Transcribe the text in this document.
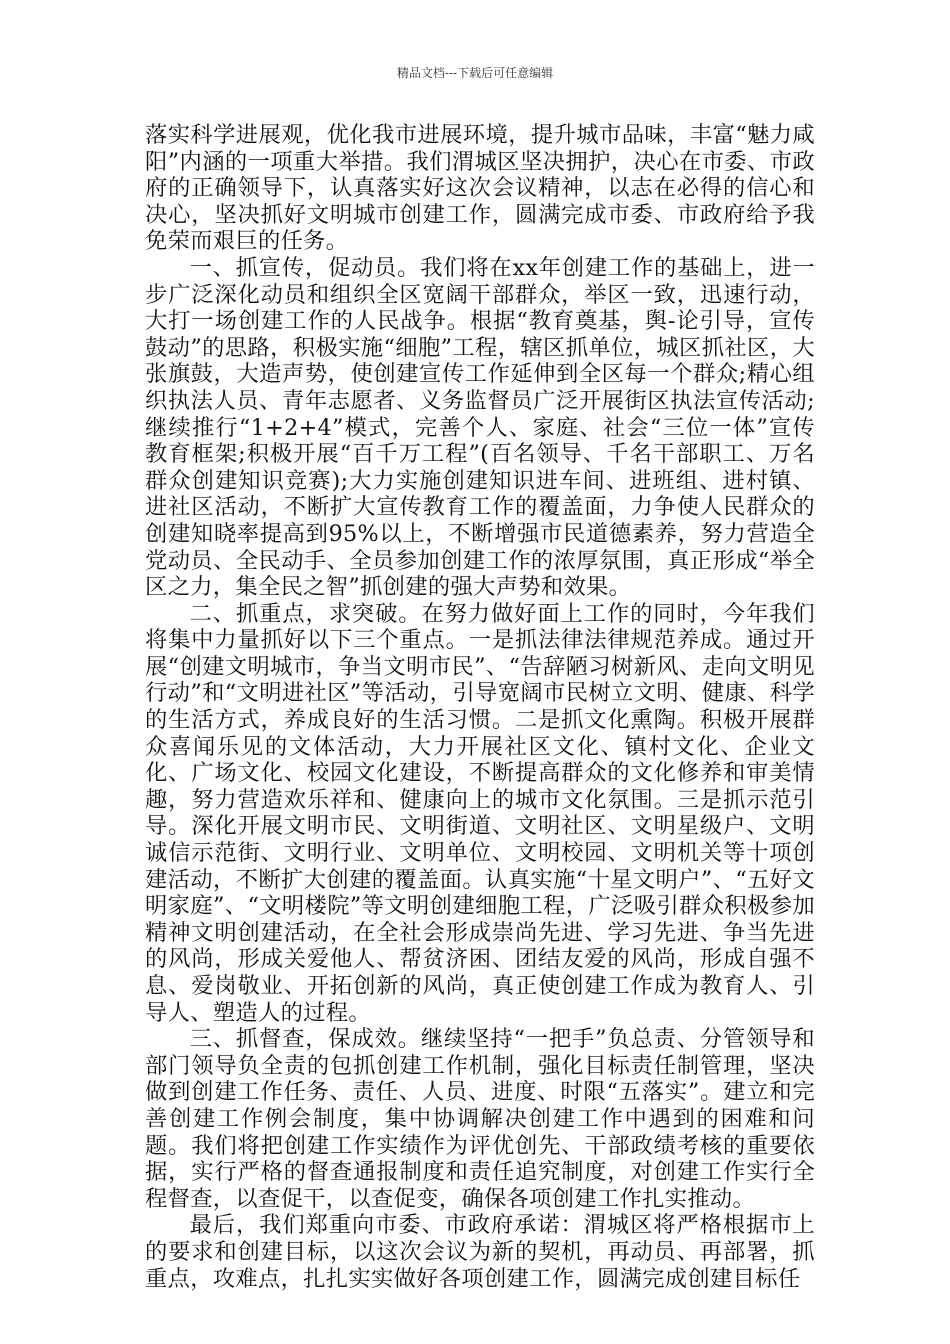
精品文档---下载后可任意编辑

落实科学进展观，优化我市进展环境，提升城市品味，丰富“魅力咸阳”内涵的一项重大举措。我们渭城区坚决拥护，决心在市委、市政府的正确领导下，认真落实好这次会议精神，以志在必得的信心和决心，坚决抓好文明城市创建工作，圆满完成市委、市政府给予我免荣而艰巨的任务。

一、抓宣传，促动员。我们将在xx年创建工作的基础上，进一步广泛深化动员和组织全区宽阔干部群众，举区一致，迅速行动，大打一场创建工作的人民战争。根据“教育奠基，舆-论引导，宣传鼓动”的思路，积极实施“细胞”工程，辖区抓单位，城区抓社区，大张旗鼓，大造声势，使创建宣传工作延伸到全区每一个群众;精心组织执法人员、青年志愿者、义务监督员广泛开展街区执法宣传活动;继续推行“1+2+4”模式，完善个人、家庭、社会“三位一体”宣传教育框架;积极开展“百千万工程”(百名领导、千名干部职工、万名群众创建知识竞赛);大力实施创建知识进车间、进班组、进村镇、进社区活动，不断扩大宣传教育工作的覆盖面，力争使人民群众的创建知晓率提高到95%以上，不断增强市民道德素养，努力营造全党动员、全民动手、全员参加创建工作的浓厚氛围，真正形成“举全区之力，集全民之智”抓创建的强大声势和效果。

二、抓重点，求突破。在努力做好面上工作的同时，今年我们将集中力量抓好以下三个重点。一是抓法律法律规范养成。通过开展“创建文明城市，争当文明市民”、“告辞陋习树新风、走向文明见行动”和“文明进社区”等活动，引导宽阔市民树立文明、健康、科学的生活方式，养成良好的生活习惯。二是抓文化熏陶。积极开展群众喜闻乐见的文体活动，大力开展社区文化、镇村文化、企业文化、广场文化、校园文化建设，不断提高群众的文化修养和审美情趣，努力营造欢乐祥和、健康向上的城市文化氛围。三是抓示范引导。深化开展文明市民、文明街道、文明社区、文明星级户、文明诚信示范街、文明行业、文明单位、文明校园、文明机关等十项创建活动，不断扩大创建的覆盖面。认真实施“十星文明户”、“五好文明家庭”、“文明楼院”等文明创建细胞工程，广泛吸引群众积极参加精神文明创建活动，在全社会形成崇尚先进、学习先进、争当先进的风尚，形成关爱他人、帮贫济困、团结友爱的风尚，形成自强不息、爱岗敬业、开拓创新的风尚，真正使创建工作成为教育人、引导人、塑造人的过程。

三、抓督查，保成效。继续坚持“一把手”负总责、分管领导和部门领导负全责的包抓创建工作机制，强化目标责任制管理，坚决做到创建工作任务、责任、人员、进度、时限“五落实”。建立和完善创建工作例会制度，集中协调解决创建工作中遇到的困难和问题。我们将把创建工作实绩作为评优创先、干部政绩考核的重要依据，实行严格的督查通报制度和责任追究制度，对创建工作实行全程督查，以查促干，以查促变，确保各项创建工作扎实推动。

最后，我们郑重向市委、市政府承诺：渭城区将严格根据市上的要求和创建目标，以这次会议为新的契机，再动员、再部署，抓重点，攻难点，扎扎实实做好各项创建工作，圆满完成创建目标任
